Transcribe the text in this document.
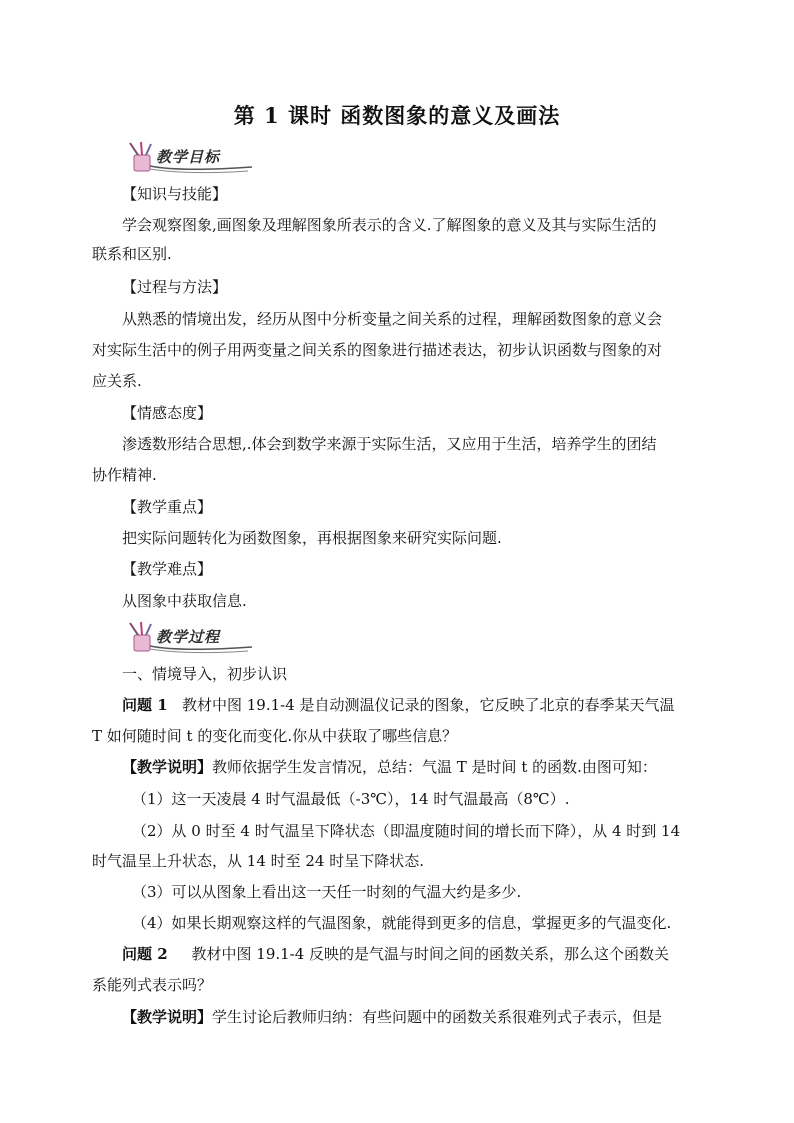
第 1 课时 函数图象的意义及画法
教学目标
【知识与技能】
学会观察图象,画图象及理解图象所表示的含义.了解图象的意义及其与实际生活的
联系和区别.
【过程与方法】
从熟悉的情境出发，经历从图中分析变量之间关系的过程，理解函数图象的意义会
对实际生活中的例子用两变量之间关系的图象进行描述表达，初步认识函数与图象的对
应关系.
【情感态度】
渗透数形结合思想,.体会到数学来源于实际生活，又应用于生活，培养学生的团结
协作精神.
【教学重点】
把实际问题转化为函数图象，再根据图象来研究实际问题.
【教学难点】
从图象中获取信息.
教学过程
一、情境导入，初步认识
问题 1   教材中图 19.1-4 是自动测温仪记录的图象，它反映了北京的春季某天气温
T 如何随时间 t 的变化而变化.你从中获取了哪些信息？
【教学说明】教师依据学生发言情况，总结：气温 T 是时间 t 的函数.由图可知：
（1）这一天凌晨 4 时气温最低（-3℃），14 时气温最高（8℃）.
（2）从 0 时至 4 时气温呈下降状态（即温度随时间的增长而下降），从 4 时到 14
时气温呈上升状态，从 14 时至 24 时呈下降状态.
（3）可以从图象上看出这一天任一时刻的气温大约是多少.
（4）如果长期观察这样的气温图象，就能得到更多的信息，掌握更多的气温变化.
问题 2     教材中图 19.1-4 反映的是气温与时间之间的函数关系，那么这个函数关
系能列式表示吗？
【教学说明】学生讨论后教师归纳：有些问题中的函数关系很难列式子表示，但是
